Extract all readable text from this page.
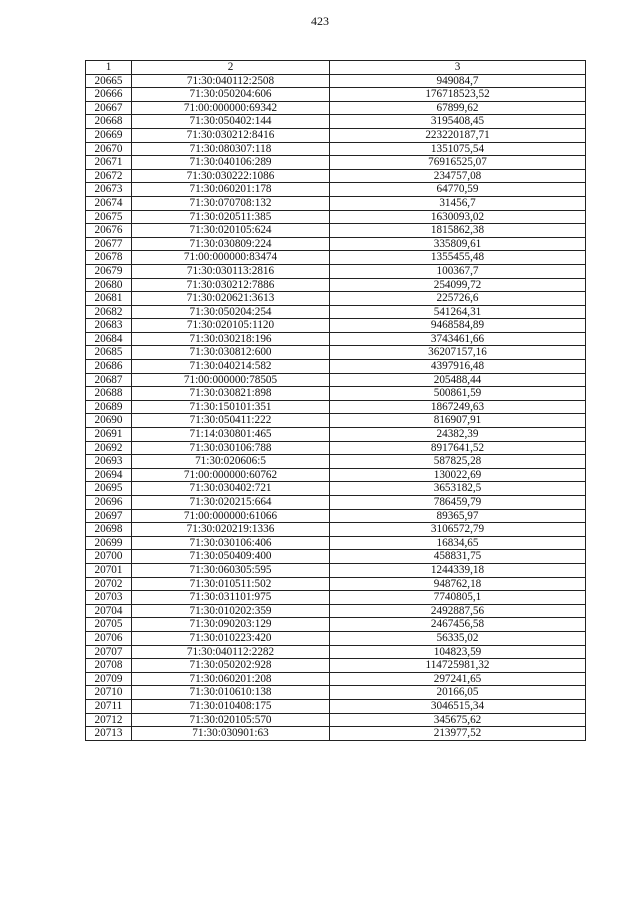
423
1	2	3
20665	71:30:040112:2508	949084,7
20666	71:30:050204:606	176718523,52
20667	71:00:000000:69342	67899,62
20668	71:30:050402:144	3195408,45
20669	71:30:030212:8416	223220187,71
20670	71:30:080307:118	1351075,54
20671	71:30:040106:289	76916525,07
20672	71:30:030222:1086	234757,08
20673	71:30:060201:178	64770,59
20674	71:30:070708:132	31456,7
20675	71:30:020511:385	1630093,02
20676	71:30:020105:624	1815862,38
20677	71:30:030809:224	335809,61
20678	71:00:000000:83474	1355455,48
20679	71:30:030113:2816	100367,7
20680	71:30:030212:7886	254099,72
20681	71:30:020621:3613	225726,6
20682	71:30:050204:254	541264,31
20683	71:30:020105:1120	9468584,89
20684	71:30:030218:196	3743461,66
20685	71:30:030812:600	36207157,16
20686	71:30:040214:582	4397916,48
20687	71:00:000000:78505	205488,44
20688	71:30:030821:898	500861,59
20689	71:30:150101:351	1867249,63
20690	71:30:050411:222	816907,91
20691	71:14:030801:465	24382,39
20692	71:30:030106:788	8917641,52
20693	71:30:020606:5	587825,28
20694	71:00:000000:60762	130022,69
20695	71:30:030402:721	3653182,5
20696	71:30:020215:664	786459,79
20697	71:00:000000:61066	89365,97
20698	71:30:020219:1336	3106572,79
20699	71:30:030106:406	16834,65
20700	71:30:050409:400	458831,75
20701	71:30:060305:595	1244339,18
20702	71:30:010511:502	948762,18
20703	71:30:031101:975	7740805,1
20704	71:30:010202:359	2492887,56
20705	71:30:090203:129	2467456,58
20706	71:30:010223:420	56335,02
20707	71:30:040112:2282	104823,59
20708	71:30:050202:928	114725981,32
20709	71:30:060201:208	297241,65
20710	71:30:010610:138	20166,05
20711	71:30:010408:175	3046515,34
20712	71:30:020105:570	345675,62
20713	71:30:030901:63	213977,52
